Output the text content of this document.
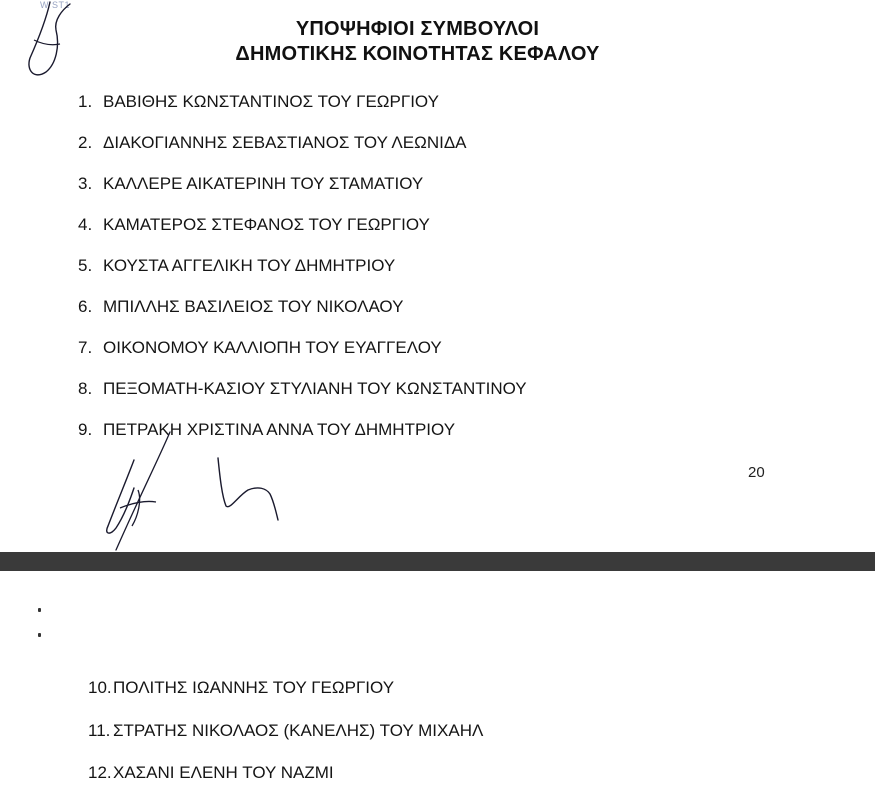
W ST1
ΥΠΟΨΗΦΙΟΙ ΣΥΜΒΟΥΛΟΙ
ΔΗΜΟΤΙΚΗΣ ΚΟΙΝΟΤΗΤΑΣ ΚΕΦΑΛΟΥ
1. ΒΑΒΙΘΗΣ ΚΩΝΣΤΑΝΤΙΝΟΣ ΤΟΥ ΓΕΩΡΓΙΟΥ
2. ΔΙΑΚΟΓΙΑΝΝΗΣ ΣΕΒΑΣΤΙΑΝΟΣ ΤΟΥ ΛΕΩΝΙΔΑ
3. ΚΑΛΛΕΡΕ ΑΙΚΑΤΕΡΙΝΗ ΤΟΥ ΣΤΑΜΑΤΙΟΥ
4. ΚΑΜΑΤΕΡΟΣ ΣΤΕΦΑΝΟΣ ΤΟΥ ΓΕΩΡΓΙΟΥ
5. ΚΟΥΣΤΑ ΑΓΓΕΛΙΚΗ ΤΟΥ ΔΗΜΗΤΡΙΟΥ
6. ΜΠΙΛΛΗΣ ΒΑΣΙΛΕΙΟΣ ΤΟΥ ΝΙΚΟΛΑΟΥ
7. ΟΙΚΟΝΟΜΟΥ ΚΑΛΛΙΟΠΗ ΤΟΥ ΕΥΑΓΓΕΛΟΥ
8. ΠΕΞΟΜΑΤΗ-ΚΑΣΙΟΥ ΣΤΥΛΙΑΝΗ ΤΟΥ ΚΩΝΣΤΑΝΤΙΝΟΥ
9. ΠΕΤΡΑΚΗ ΧΡΙΣΤΙΝΑ ΑΝΝΑ ΤΟΥ ΔΗΜΗΤΡΙΟΥ
20
10.ΠΟΛΙΤΗΣ ΙΩΑΝΝΗΣ ΤΟΥ ΓΕΩΡΓΙΟΥ
11. ΣΤΡΑΤΗΣ ΝΙΚΟΛΑΟΣ (ΚΑΝΕΛΗΣ) ΤΟΥ ΜΙΧΑΗΛ
12.ΧΑΣΑΝΙ ΕΛΕΝΗ ΤΟΥ ΝΑΖΜΙ
